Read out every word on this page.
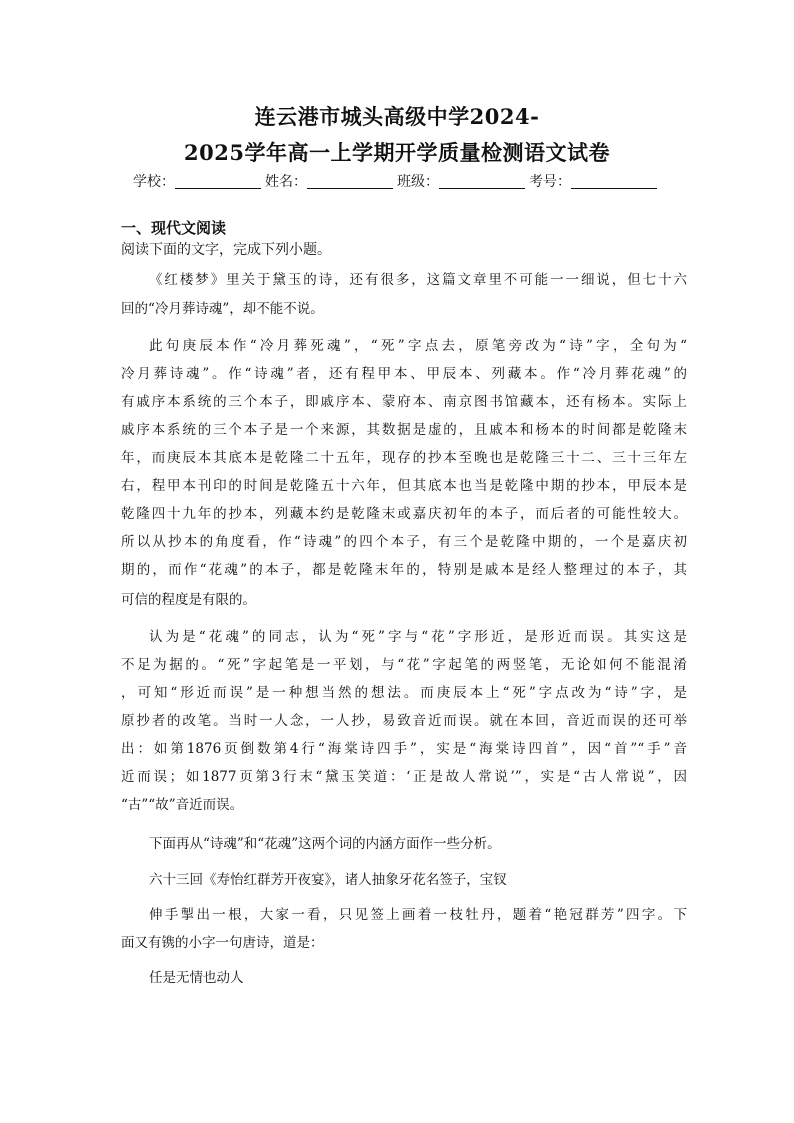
连云港市城头高级中学2024-
2025学年高一上学期开学质量检测语文试卷
学校：	姓名：	班级：	考号：
一、现代文阅读
阅读下面的文字，完成下列小题。
《红楼梦》里关于黛玉的诗，还有很多，这篇文章里不可能一一细说，但七十六
回的“冷月葬诗魂”，却不能不说。
此句庚辰本作“冷月葬死魂”，“死”字点去，原笔旁改为“诗”字，全句为“
冷月葬诗魂”。作“诗魂”者，还有程甲本、甲辰本、列藏本。作“冷月葬花魂”的
有戚序本系统的三个本子，即戚序本、蒙府本、南京图书馆藏本，还有杨本。实际上
戚序本系统的三个本子是一个来源，其数据是虚的，且戚本和杨本的时间都是乾隆末
年，而庚辰本其底本是乾隆二十五年，现存的抄本至晚也是乾隆三十二、三十三年左
右，程甲本刊印的时间是乾隆五十六年，但其底本也当是乾隆中期的抄本，甲辰本是
乾隆四十九年的抄本，列藏本约是乾隆末或嘉庆初年的本子，而后者的可能性较大。
所以从抄本的角度看，作“诗魂”的四个本子，有三个是乾隆中期的，一个是嘉庆初
期的，而作“花魂”的本子，都是乾隆末年的，特别是戚本是经人整理过的本子，其
可信的程度是有限的。
认为是“花魂”的同志，认为“死”字与“花”字形近，是形近而误。其实这是
不足为据的。“死”字起笔是一平划，与“花”字起笔的两竖笔，无论如何不能混淆
，可知“形近而误”是一种想当然的想法。而庚辰本上“死”字点改为“诗”字，是
原抄者的改笔。当时一人念，一人抄，易致音近而误。就在本回，音近而误的还可举
出：如第1876页倒数第4行“海棠诗四手”，实是“海棠诗四首”，因“首”“手”音
近而误；如1877页第3行末“黛玉笑道：‘正是故人常说’”，实是“古人常说”，因
“古”“故”音近而误。
下面再从“诗魂”和“花魂”这两个词的内涵方面作一些分析。
六十三回《寿怡红群芳开夜宴》，诸人抽象牙花名签子，宝钗
伸手掣出一根，大家一看，只见签上画着一枝牡丹，题着“艳冠群芳”四字。下
面又有镌的小字一句唐诗，道是：
任是无情也动人
